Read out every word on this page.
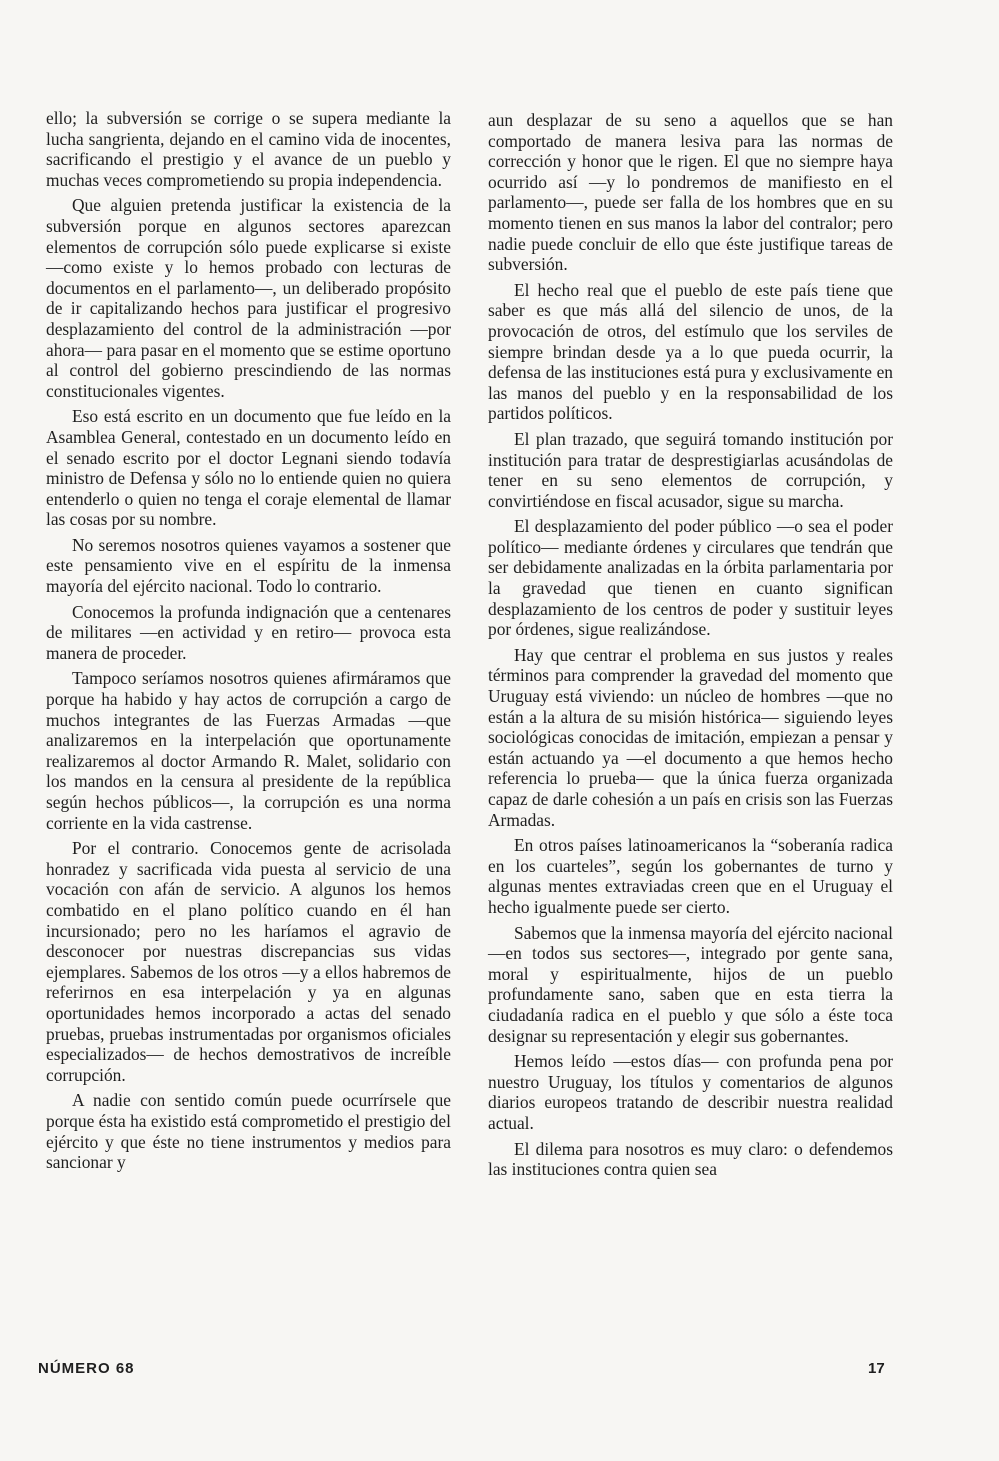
ello; la subversión se corrige o se supera mediante la lucha sangrienta, dejando en el camino vida de inocentes, sacrificando el prestigio y el avance de un pueblo y muchas veces comprometiendo su propia independencia.

Que alguien pretenda justificar la existencia de la subversión porque en algunos sectores aparezcan elementos de corrupción sólo puede explicarse si existe —como existe y lo hemos probado con lecturas de documentos en el parlamento—, un deliberado propósito de ir capitalizando hechos para justificar el progresivo desplazamiento del control de la administración —por ahora— para pasar en el momento que se estime oportuno al control del gobierno prescindiendo de las normas constitucionales vigentes.

Eso está escrito en un documento que fue leído en la Asamblea General, contestado en un documento leído en el senado escrito por el doctor Legnani siendo todavía ministro de Defensa y sólo no lo entiende quien no quiera entenderlo o quien no tenga el coraje elemental de llamar las cosas por su nombre.

No seremos nosotros quienes vayamos a sostener que este pensamiento vive en el espíritu de la inmensa mayoría del ejército nacional. Todo lo contrario.

Conocemos la profunda indignación que a centenares de militares —en actividad y en retiro— provoca esta manera de proceder.

Tampoco seríamos nosotros quienes afirmáramos que porque ha habido y hay actos de corrupción a cargo de muchos integrantes de las Fuerzas Armadas —que analizaremos en la interpelación que oportunamente realizaremos al doctor Armando R. Malet, solidario con los mandos en la censura al presidente de la república según hechos públicos—, la corrupción es una norma corriente en la vida castrense.

Por el contrario. Conocemos gente de acrisolada honradez y sacrificada vida puesta al servicio de una vocación con afán de servicio. A algunos los hemos combatido en el plano político cuando en él han incursionado; pero no les haríamos el agravio de desconocer por nuestras discrepancias sus vidas ejemplares. Sabemos de los otros —y a ellos habremos de referirnos en esa interpelación y ya en algunas oportunidades hemos incorporado a actas del senado pruebas, pruebas instrumentadas por organismos oficiales especializados— de hechos demostrativos de increíble corrupción.

A nadie con sentido común puede ocurrírsele que porque ésta ha existido está comprometido el prestigio del ejército y que éste no tiene instrumentos y medios para sancionar y

aun desplazar de su seno a aquellos que se han comportado de manera lesiva para las normas de corrección y honor que le rigen. El que no siempre haya ocurrido así —y lo pondremos de manifiesto en el parlamento—, puede ser falla de los hombres que en su momento tienen en sus manos la labor del contralor; pero nadie puede concluir de ello que éste justifique tareas de subversión.

El hecho real que el pueblo de este país tiene que saber es que más allá del silencio de unos, de la provocación de otros, del estímulo que los serviles de siempre brindan desde ya a lo que pueda ocurrir, la defensa de las instituciones está pura y exclusivamente en las manos del pueblo y en la responsabilidad de los partidos políticos.

El plan trazado, que seguirá tomando institución por institución para tratar de desprestigiarlas acusándolas de tener en su seno elementos de corrupción, y convirtiéndose en fiscal acusador, sigue su marcha.

El desplazamiento del poder público —o sea el poder político— mediante órdenes y circulares que tendrán que ser debidamente analizadas en la órbita parlamentaria por la gravedad que tienen en cuanto significan desplazamiento de los centros de poder y sustituir leyes por órdenes, sigue realizándose.

Hay que centrar el problema en sus justos y reales términos para comprender la gravedad del momento que Uruguay está viviendo: un núcleo de hombres —que no están a la altura de su misión histórica— siguiendo leyes sociológicas conocidas de imitación, empiezan a pensar y están actuando ya —el documento a que hemos hecho referencia lo prueba— que la única fuerza organizada capaz de darle cohesión a un país en crisis son las Fuerzas Armadas.

En otros países latinoamericanos la “soberanía radica en los cuarteles”, según los gobernantes de turno y algunas mentes extraviadas creen que en el Uruguay el hecho igualmente puede ser cierto.

Sabemos que la inmensa mayoría del ejército nacional —en todos sus sectores—, integrado por gente sana, moral y espiritualmente, hijos de un pueblo profundamente sano, saben que en esta tierra la ciudadanía radica en el pueblo y que sólo a éste toca designar su representación y elegir sus gobernantes.

Hemos leído —estos días— con profunda pena por nuestro Uruguay, los títulos y comentarios de algunos diarios europeos tratando de describir nuestra realidad actual.

El dilema para nosotros es muy claro: o defendemos las instituciones contra quien sea

NÚMERO 68	17
